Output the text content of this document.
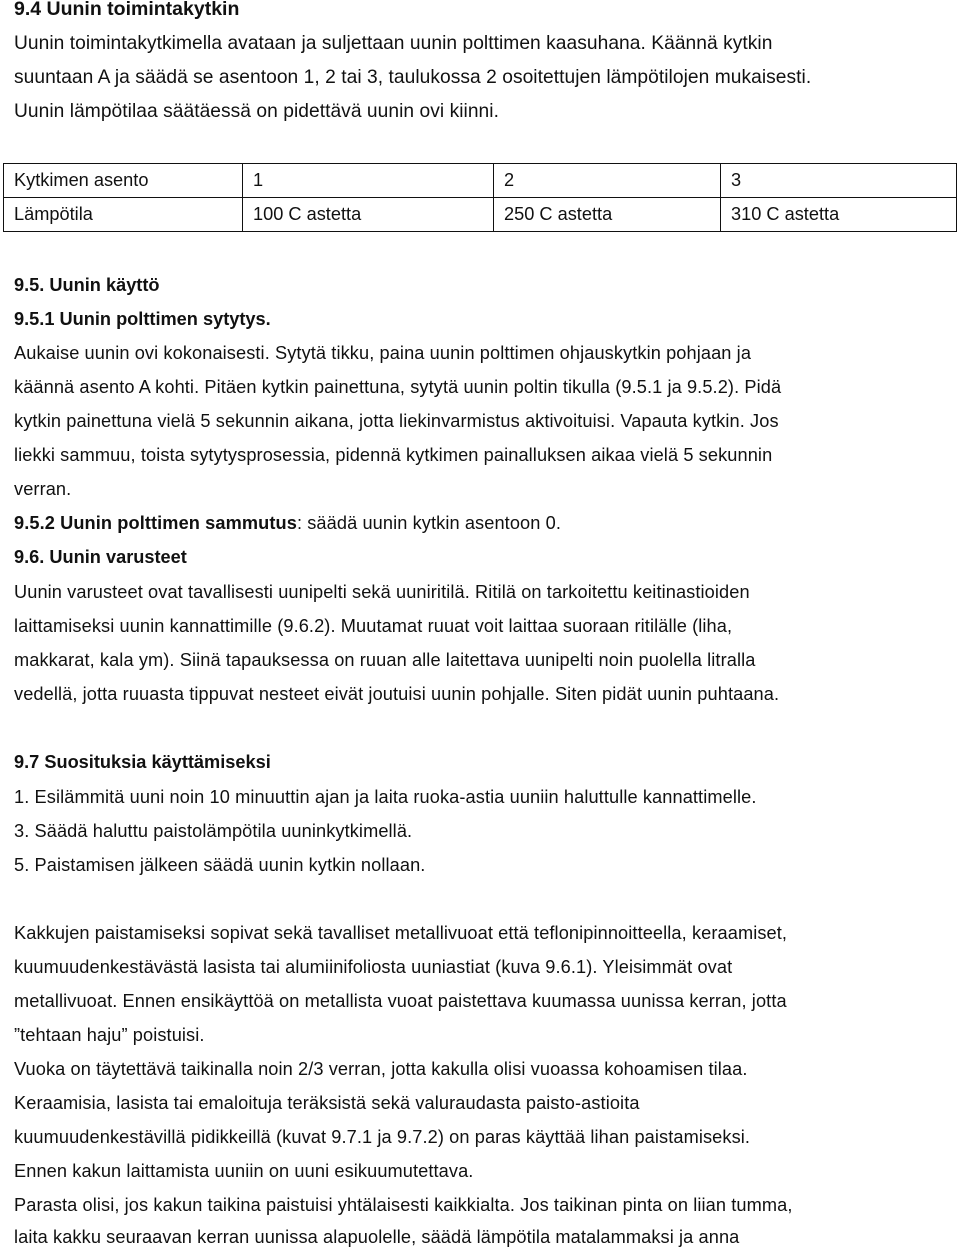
9.4 Uunin toimintakytkin
Uunin toimintakytkimella avataan ja suljettaan uunin polttimen kaasuhana. Käännä kytkin
suuntaan A ja säädä se asentoon 1, 2 tai 3, taulukossa 2 osoitettujen lämpötilojen mukaisesti.
Uunin lämpötilaa säätäessä on pidettävä uunin ovi kiinni.
Kytkimen asento	1	2	3
Lämpötila	100 C astetta	250 C astetta	310 C astetta
9.5. Uunin käyttö
9.5.1 Uunin polttimen sytytys.
Aukaise uunin ovi kokonaisesti. Sytytä tikku, paina uunin polttimen ohjauskytkin pohjaan ja
käännä asento A kohti. Pitäen kytkin painettuna, sytytä uunin poltin tikulla (9.5.1 ja 9.5.2). Pidä
kytkin painettuna vielä 5 sekunnin aikana, jotta liekinvarmistus aktivoituisi. Vapauta kytkin. Jos
liekki sammuu, toista sytytysprosessia, pidennä kytkimen painalluksen aikaa vielä 5 sekunnin
verran.
9.5.2 Uunin polttimen sammutus: säädä uunin kytkin asentoon 0.
9.6. Uunin varusteet
Uunin varusteet ovat tavallisesti uunipelti sekä uuniritilä. Ritilä on tarkoitettu keitinastioiden
laittamiseksi uunin kannattimille (9.6.2). Muutamat ruuat voit laittaa suoraan ritilälle (liha,
makkarat, kala ym). Siinä tapauksessa on ruuan alle laitettava uunipelti noin puolella litralla
vedellä, jotta ruuasta tippuvat nesteet eivät joutuisi uunin pohjalle. Siten pidät uunin puhtaana.
9.7 Suosituksia käyttämiseksi
1. Esilämmitä uuni noin 10 minuuttin ajan ja laita ruoka-astia uuniin haluttulle kannattimelle.
3. Säädä haluttu paistolämpötila uuninkytkimellä.
5. Paistamisen jälkeen säädä uunin kytkin nollaan.
Kakkujen paistamiseksi sopivat sekä tavalliset metallivuoat että teflonipinnoitteella, keraamiset,
kuumuudenkestävästä lasista tai alumiinifoliosta uuniastiat (kuva 9.6.1). Yleisimmät ovat
metallivuoat. Ennen ensikäyttöä on metallista vuoat paistettava kuumassa uunissa kerran, jotta
”tehtaan haju” poistuisi.
Vuoka on täytettävä taikinalla noin 2/3 verran, jotta kakulla olisi vuoassa kohoamisen tilaa.
Keraamisia, lasista tai emaloituja teräksistä sekä valuraudasta paisto-astioita
kuumuudenkestävillä pidikkeillä (kuvat 9.7.1 ja 9.7.2) on paras käyttää lihan paistamiseksi.
Ennen kakun laittamista uuniin on uuni esikuumutettava.
Parasta olisi, jos kakun taikina paistuisi yhtälaisesti kaikkialta. Jos taikinan pinta on liian tumma,
laita kakku seuraavan kerran uunissa alapuolelle, säädä lämpötila matalammaksi ja anna
